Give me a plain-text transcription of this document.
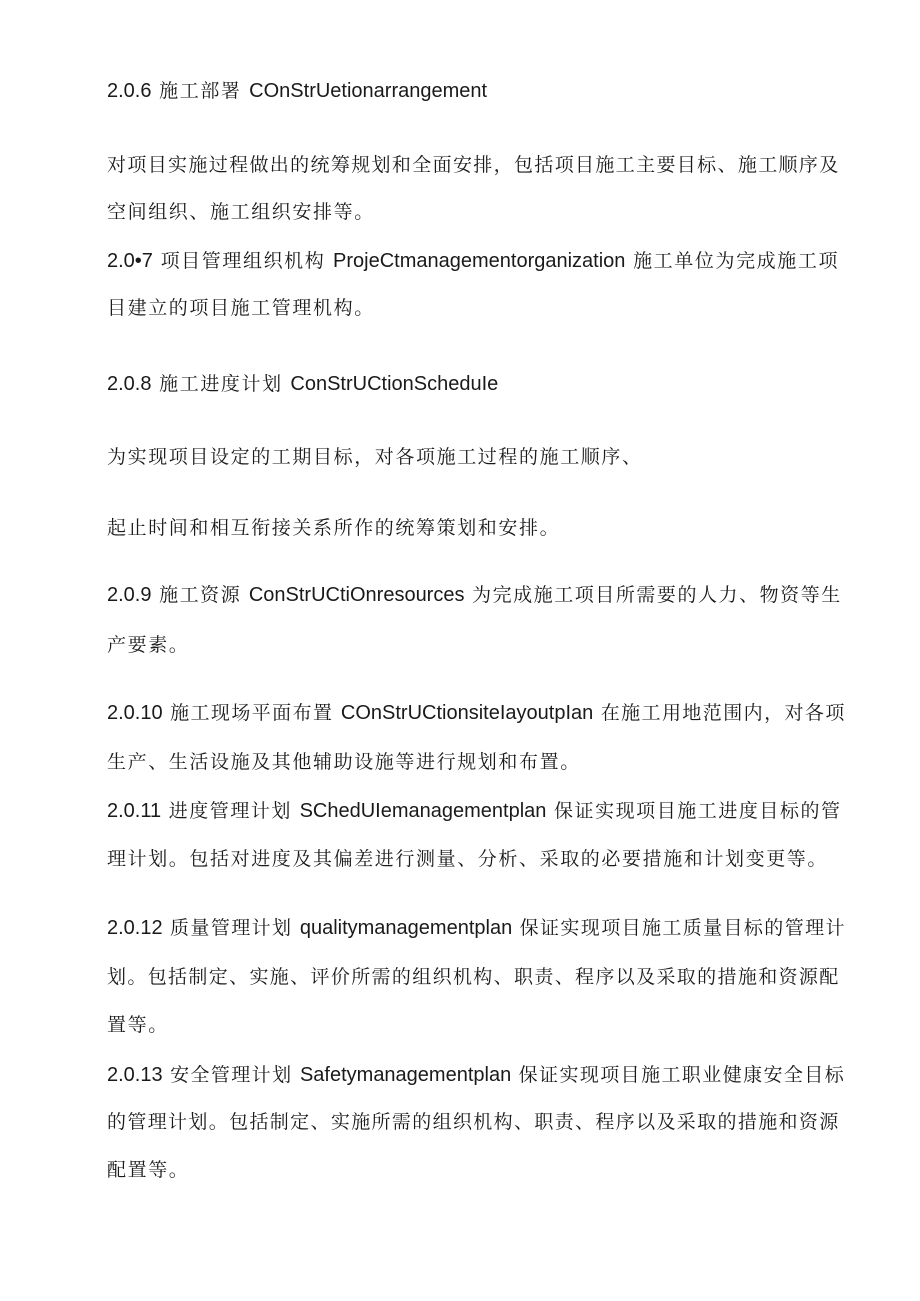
2.0.6 施工部署 COnStrUetionarrangement
对项目实施过程做出的统筹规划和全面安排，包括项目施工主要目标、施工顺序及
空间组织、施工组织安排等。
2.0•7 项目管理组织机构 ProjeCtmanagementorganization 施工单位为完成施工项
目建立的项目施工管理机构。
2.0.8 施工进度计划 ConStrUCtionScheduIe
为实现项目设定的工期目标，对各项施工过程的施工顺序、
起止时间和相互衔接关系所作的统筹策划和安排。
2.0.9 施工资源 ConStrUCtiOnresources 为完成施工项目所需要的人力、物资等生
产要素。
2.0.10 施工现场平面布置 COnStrUCtionsiteIayoutpIan 在施工用地范围内，对各项
生产、生活设施及其他辅助设施等进行规划和布置。
2.0.11 进度管理计划 SChedUIemanagementplan 保证实现项目施工进度目标的管
理计划。包括对进度及其偏差进行测量、分析、采取的必要措施和计划变更等。
2.0.12 质量管理计划 qualitymanagementplan 保证实现项目施工质量目标的管理计
划。包括制定、实施、评价所需的组织机构、职责、程序以及采取的措施和资源配
置等。
2.0.13 安全管理计划 Safetymanagementplan 保证实现项目施工职业健康安全目标
的管理计划。包括制定、实施所需的组织机构、职责、程序以及采取的措施和资源
配置等。
